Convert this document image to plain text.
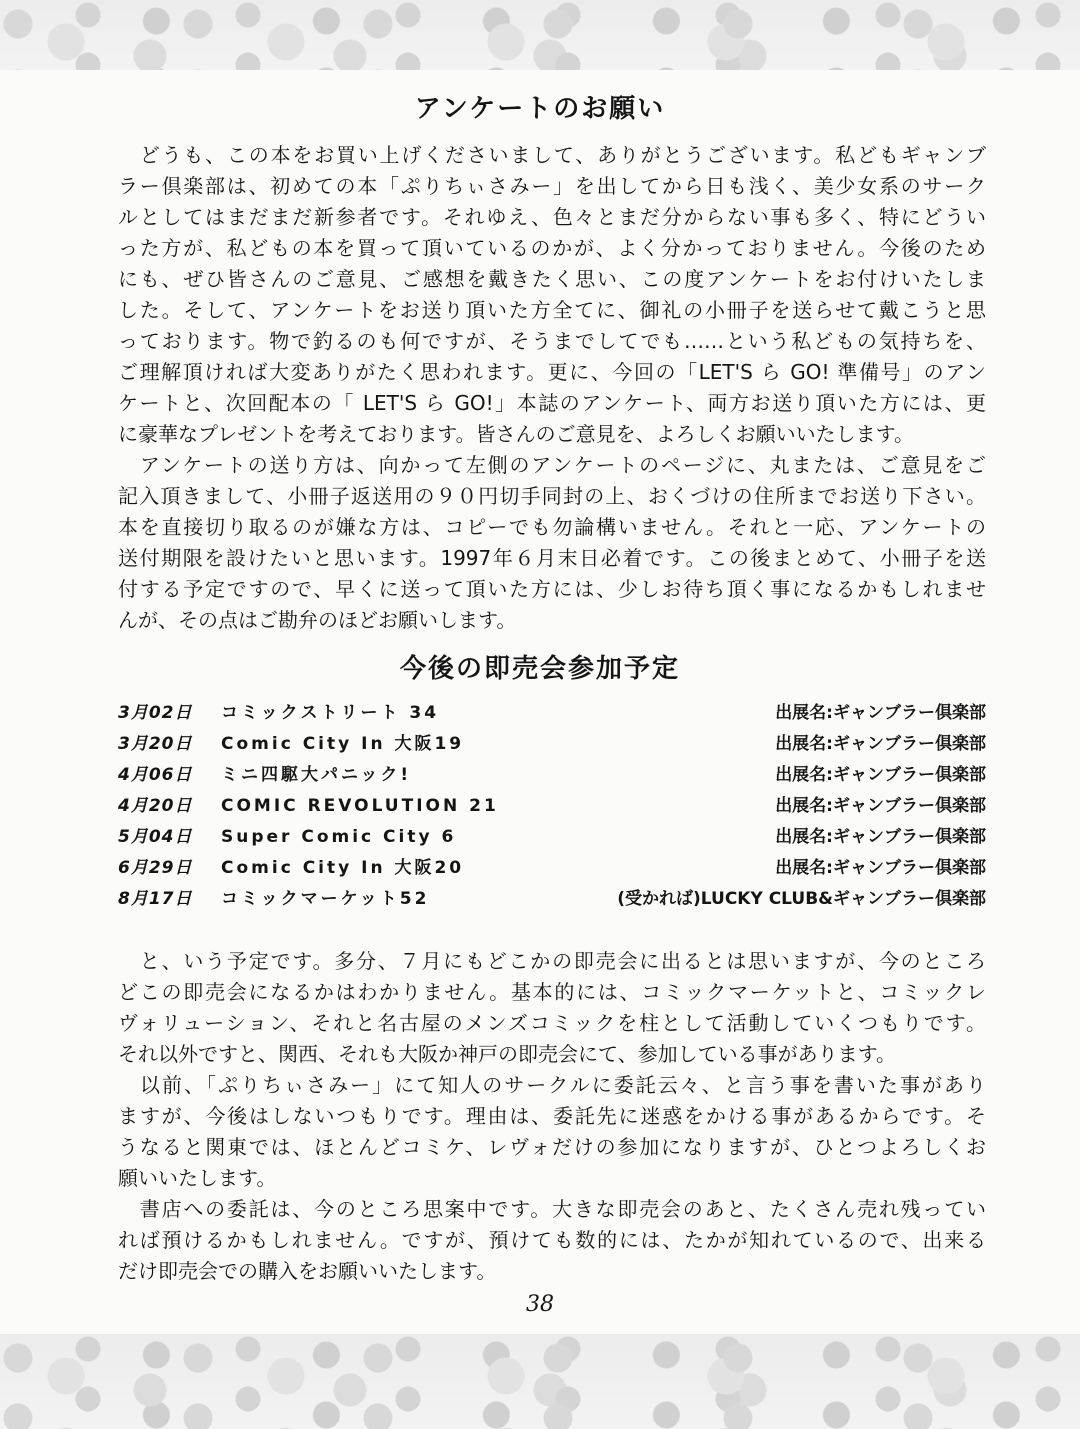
アンケートのお願い
　どうも、この本をお買い上げくださいまして、ありがとうございます。私どもギャンブ
ラー倶楽部は、初めての本「ぷりちぃさみー」を出してから日も浅く、美少女系のサーク
ルとしてはまだまだ新参者です。それゆえ、色々とまだ分からない事も多く、特にどうい
った方が、私どもの本を買って頂いているのかが、よく分かっておりません。今後のため
にも、ぜひ皆さんのご意見、ご感想を戴きたく思い、この度アンケートをお付けいたしま
した。そして、アンケートをお送り頂いた方全てに、御礼の小冊子を送らせて戴こうと思
っております。物で釣るのも何ですが、そうまでしてでも……という私どもの気持ちを、
ご理解頂ければ大変ありがたく思われます。更に、今回の「LET'S ら GO! 準備号」のアン
ケートと、次回配本の「 LET'S ら GO!」本誌のアンケート、両方お送り頂いた方には、更
に豪華なプレゼントを考えております。皆さんのご意見を、よろしくお願いいたします。
　アンケートの送り方は、向かって左側のアンケートのページに、丸または、ご意見をご
記入頂きまして、小冊子返送用の９０円切手同封の上、おくづけの住所までお送り下さい。
本を直接切り取るのが嫌な方は、コピーでも勿論構いません。それと一応、アンケートの
送付期限を設けたいと思います。1997年６月末日必着です。この後まとめて、小冊子を送
付する予定ですので、早くに送って頂いた方には、少しお待ち頂く事になるかもしれませ
んが、その点はご勘弁のほどお願いします。
今後の即売会参加予定
3月02日 コミックストリート 34	出展名:ギャンブラー倶楽部
3月20日 Comic City In 大阪19	出展名:ギャンブラー倶楽部
4月06日 ミニ四駆大パニック!	出展名:ギャンブラー倶楽部
4月20日 COMIC REVOLUTION 21	出展名:ギャンブラー倶楽部
5月04日 Super Comic City 6	出展名:ギャンブラー倶楽部
6月29日 Comic City In 大阪20	出展名:ギャンブラー倶楽部
8月17日 コミックマーケット52	(受かれば)LUCKY CLUB&ギャンブラー倶楽部
　と、いう予定です。多分、７月にもどこかの即売会に出るとは思いますが、今のところ
どこの即売会になるかはわかりません。基本的には、コミックマーケットと、コミックレ
ヴォリューション、それと名古屋のメンズコミックを柱として活動していくつもりです。
それ以外ですと、関西、それも大阪か神戸の即売会にて、参加している事があります。
　以前、「ぷりちぃさみー」にて知人のサークルに委託云々、と言う事を書いた事があり
ますが、今後はしないつもりです。理由は、委託先に迷惑をかける事があるからです。そ
うなると関東では、ほとんどコミケ、レヴォだけの参加になりますが、ひとつよろしくお
願いいたします。
　書店への委託は、今のところ思案中です。大きな即売会のあと、たくさん売れ残ってい
れば預けるかもしれません。ですが、預けても数的には、たかが知れているので、出来る
だけ即売会での購入をお願いいたします。
38
